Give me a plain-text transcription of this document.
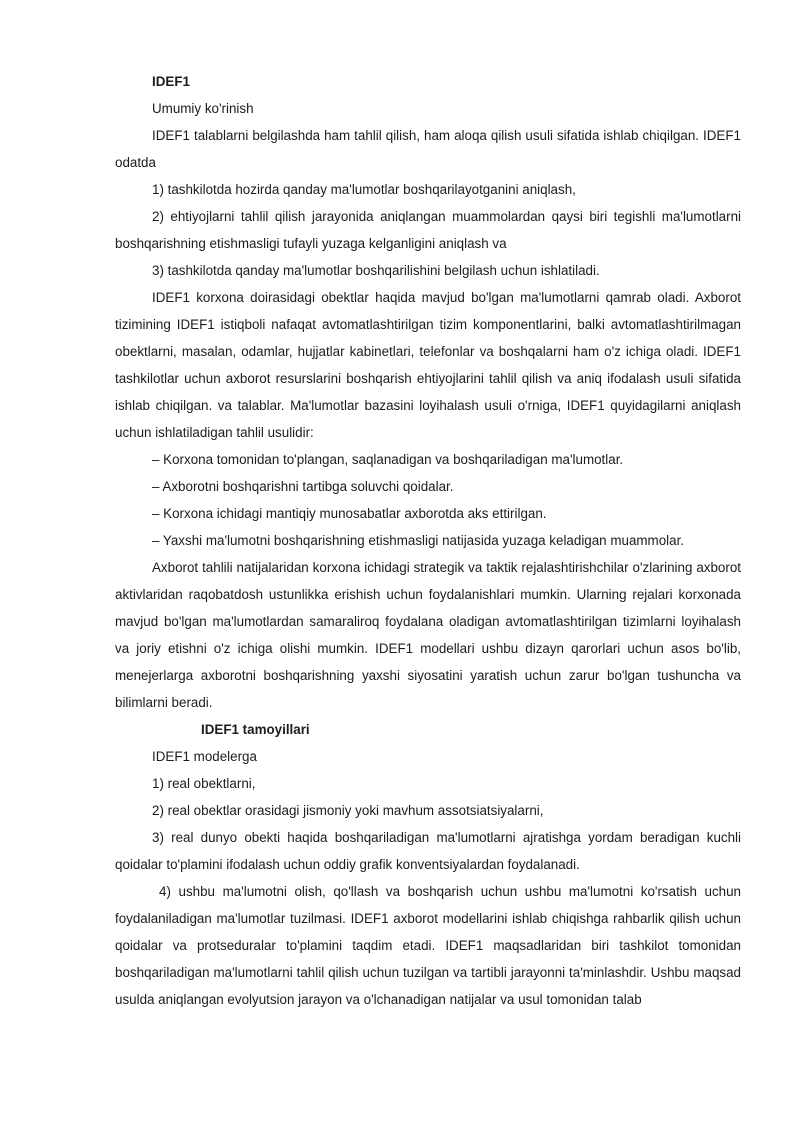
IDEF1

Umumiy ko'rinish

IDEF1 talablarni belgilashda ham tahlil qilish, ham aloqa qilish usuli sifatida ishlab chiqilgan. IDEF1 odatda

1) tashkilotda hozirda qanday ma'lumotlar boshqarilayotganini aniqlash,

2) ehtiyojlarni tahlil qilish jarayonida aniqlangan muammolardan qaysi biri tegishli ma'lumotlarni boshqarishning etishmasligi tufayli yuzaga kelganligini aniqlash va

3) tashkilotda qanday ma'lumotlar boshqarilishini belgilash uchun ishlatiladi.

IDEF1 korxona doirasidagi obektlar haqida mavjud bo'lgan ma'lumotlarni qamrab oladi. Axborot tizimining IDEF1 istiqboli nafaqat avtomatlashtirilgan tizim komponentlarini, balki avtomatlashtirilmagan obektlarni, masalan, odamlar, hujjatlar kabinetlari, telefonlar va boshqalarni ham o'z ichiga oladi. IDEF1 tashkilotlar uchun axborot resurslarini boshqarish ehtiyojlarini tahlil qilish va aniq ifodalash usuli sifatida ishlab chiqilgan. va talablar. Ma'lumotlar bazasini loyihalash usuli o'rniga, IDEF1 quyidagilarni aniqlash uchun ishlatiladigan tahlil usulidir:

– Korxona tomonidan to'plangan, saqlanadigan va boshqariladigan ma'lumotlar.

– Axborotni boshqarishni tartibga soluvchi qoidalar.

– Korxona ichidagi mantiqiy munosabatlar axborotda aks ettirilgan.

– Yaxshi ma'lumotni boshqarishning etishmasligi natijasida yuzaga keladigan muammolar.

Axborot tahlili natijalaridan korxona ichidagi strategik va taktik rejalashtirishchilar o'zlarining axborot aktivlaridan raqobatdosh ustunlikka erishish uchun foydalanishlari mumkin. Ularning rejalari korxonada mavjud bo'lgan ma'lumotlardan samaraliroq foydalana oladigan avtomatlashtirilgan tizimlarni loyihalash va joriy etishni o'z ichiga olishi mumkin. IDEF1 modellari ushbu dizayn qarorlari uchun asos bo'lib, menejerlarga axborotni boshqarishning yaxshi siyosatini yaratish uchun zarur bo'lgan tushuncha va bilimlarni beradi.

IDEF1 tamoyillari

IDEF1 modelerga

1) real obektlarni,

2) real obektlar orasidagi jismoniy yoki mavhum assotsiatsiyalarni,

3) real dunyo obekti haqida boshqariladigan ma'lumotlarni ajratishga yordam beradigan kuchli qoidalar to'plamini ifodalash uchun oddiy grafik konventsiyalardan foydalanadi.

4) ushbu ma'lumotni olish, qo'llash va boshqarish uchun ushbu ma'lumotni ko'rsatish uchun foydalaniladigan ma'lumotlar tuzilmasi. IDEF1 axborot modellarini ishlab chiqishga rahbarlik qilish uchun qoidalar va protseduralar to'plamini taqdim etadi. IDEF1 maqsadlaridan biri tashkilot tomonidan boshqariladigan ma'lumotlarni tahlil qilish uchun tuzilgan va tartibli jarayonni ta'minlashdir. Ushbu maqsad usulda aniqlangan evolyutsion jarayon va o'lchanadigan natijalar va usul tomonidan talab
